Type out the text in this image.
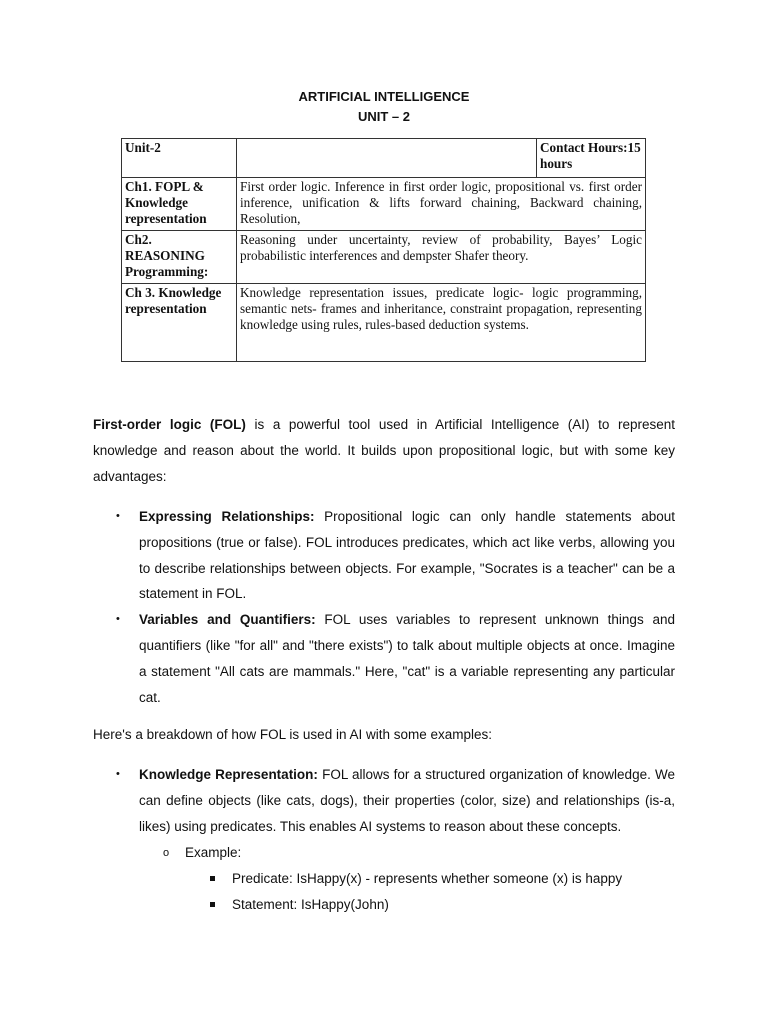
ARTIFICIAL INTELLIGENCE
UNIT – 2
Unit-2		Contact Hours:15 hours
Ch1. FOPL & Knowledge representation	First order logic. Inference in first order logic, propositional vs. first order inference, unification & lifts forward chaining, Backward chaining, Resolution,	
Ch2. REASONING Programming:	Reasoning under uncertainty, review of probability, Bayes’ Logic probabilistic interferences and dempster Shafer theory.	
Ch 3. Knowledge representation	Knowledge representation issues, predicate logic- logic programming, semantic nets- frames and inheritance, constraint propagation, representing knowledge using rules, rules-based deduction systems.	
First-order logic (FOL) is a powerful tool used in Artificial Intelligence (AI) to represent knowledge and reason about the world. It builds upon propositional logic, but with some key advantages:
• Expressing Relationships: Propositional logic can only handle statements about propositions (true or false). FOL introduces predicates, which act like verbs, allowing you to describe relationships between objects. For example, "Socrates is a teacher" can be a statement in FOL.
• Variables and Quantifiers: FOL uses variables to represent unknown things and quantifiers (like "for all" and "there exists") to talk about multiple objects at once. Imagine a statement "All cats are mammals." Here, "cat" is a variable representing any particular cat.
Here's a breakdown of how FOL is used in AI with some examples:
• Knowledge Representation: FOL allows for a structured organization of knowledge. We can define objects (like cats, dogs), their properties (color, size) and relationships (is-a, likes) using predicates. This enables AI systems to reason about these concepts.
o Example:
Predicate: IsHappy(x) - represents whether someone (x) is happy
Statement: IsHappy(John)
